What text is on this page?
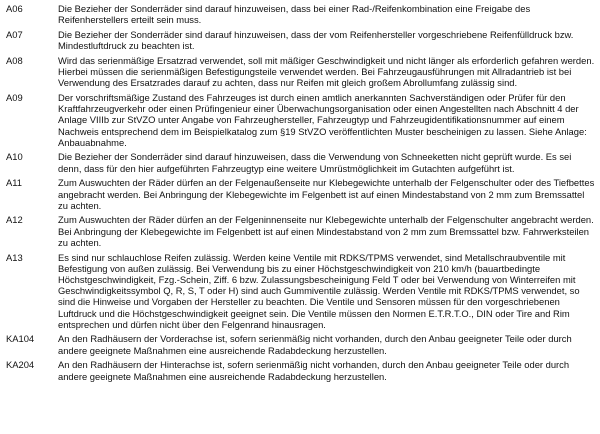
A06	Die Bezieher der Sonderräder sind darauf hinzuweisen, dass bei einer Rad-/Reifenkombination eine Freigabe des Reifenherstellers erteilt sein muss.
A07	Die Bezieher der Sonderräder sind darauf hinzuweisen, dass der vom Reifenhersteller vorgeschriebene Reifenfülldruck bzw. Mindestluftdruck zu beachten ist.
A08	Wird das serienmäßige Ersatzrad verwendet, soll mit mäßiger Geschwindigkeit und nicht länger als erforderlich gefahren werden. Hierbei müssen die serienmäßigen Befestigungsteile verwendet werden. Bei Fahrzeugausführungen mit Allradantrieb ist bei Verwendung des Ersatzrades darauf zu achten, dass nur Reifen mit gleich großem Abrollumfang zulässig sind.
A09	Der vorschriftsmäßige Zustand des Fahrzeuges ist durch einen amtlich anerkannten Sachverständigen oder Prüfer für den Kraftfahrzeugverkehr oder einen Prüfingenieur einer Überwachungsorganisation oder einen Angestellten nach Abschnitt 4 der Anlage VIIIb zur StVZO unter Angabe von Fahrzeughersteller, Fahrzeugtyp und Fahrzeugidentifikationsnummer auf einem Nachweis entsprechend dem im Beispielkatalog zum §19 StVZO veröffentlichten Muster bescheinigen zu lassen. Siehe Anlage: Anbauabnahme.
A10	Die Bezieher der Sonderräder sind darauf hinzuweisen, dass die Verwendung von Schneeketten nicht geprüft wurde. Es sei denn, dass für den hier aufgeführten Fahrzeugtyp eine weitere Umrüstmöglichkeit im Gutachten aufgeführt ist.
A11	Zum Auswuchten der Räder dürfen an der Felgenaußenseite nur Klebegewichte unterhalb der Felgenschulter oder des Tiefbettes angebracht werden. Bei Anbringung der Klebegewichte im Felgenbett ist auf einen Mindestabstand von 2 mm zum Bremssattel zu achten.
A12	Zum Auswuchten der Räder dürfen an der Felgeninnenseite nur Klebegewichte unterhalb der Felgenschulter angebracht werden. Bei Anbringung der Klebegewichte im Felgenbett ist auf einen Mindestabstand von 2 mm zum Bremssattel bzw. Fahrwerksteilen zu achten.
A13	Es sind nur schlauchlose Reifen zulässig. Werden keine Ventile mit RDKS/TPMS verwendet, sind Metallschraubventile mit Befestigung von außen zulässig. Bei Verwendung bis zu einer Höchstgeschwindigkeit von 210 km/h (bauartbedingte Höchstgeschwindigkeit, Fzg.-Schein, Ziff. 6 bzw. Zulassungsbescheinigung Feld T oder bei Verwendung von Winterreifen mit Geschwindigkeitssymbol Q, R, S, T oder H) sind auch Gummiventile zulässig. Werden Ventile mit RDKS/TPMS verwendet, so sind die Hinweise und Vorgaben der Hersteller zu beachten. Die Ventile und Sensoren müssen für den vorgeschriebenen Luftdruck und die Höchstgeschwindigkeit geeignet sein. Die Ventile müssen den Normen E.T.R.T.O., DIN oder Tire and Rim entsprechen und dürfen nicht über den Felgenrand hinausragen.
KA104	An den Radhäusern der Vorderachse ist, sofern serienmäßig nicht vorhanden, durch den Anbau geeigneter Teile oder durch andere geeignete Maßnahmen eine ausreichende Radabdeckung herzustellen.
KA204	An den Radhäusern der Hinterachse ist, sofern serienmäßig nicht vorhanden, durch den Anbau geeigneter Teile oder durch andere geeignete Maßnahmen eine ausreichende Radabdeckung herzustellen.
